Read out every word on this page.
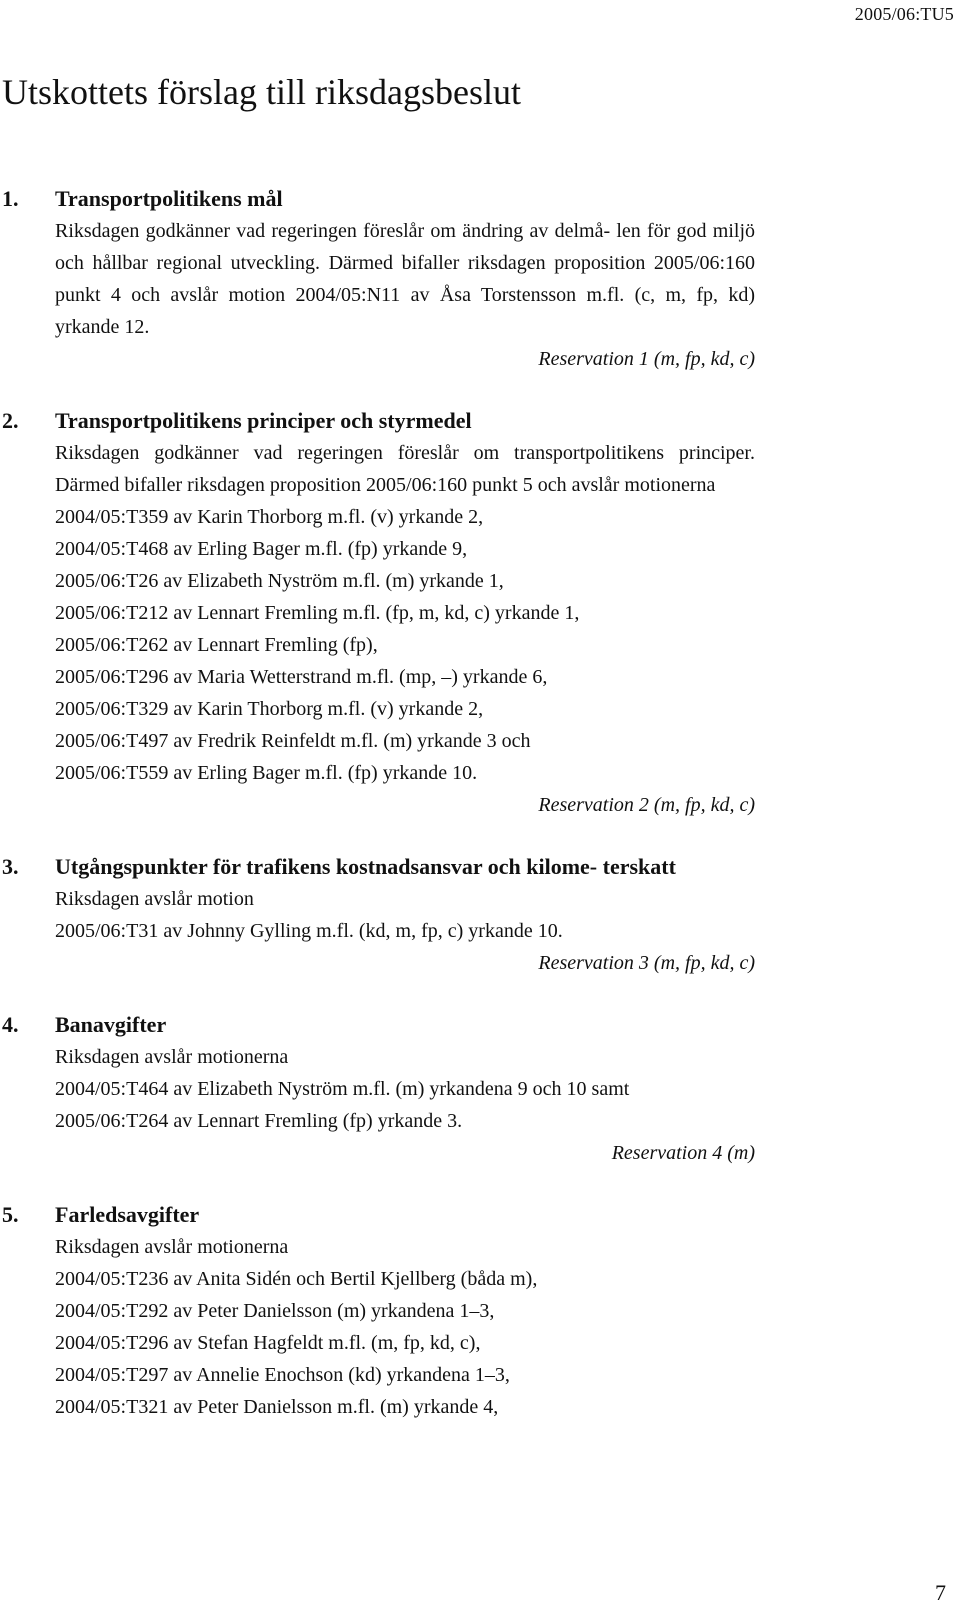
2005/06:TU5
Utskottets förslag till riksdagsbeslut
1.	Transportpolitikens mål
Riksdagen godkänner vad regeringen föreslår om ändring av delmå- len för god miljö och hållbar regional utveckling. Därmed bifaller riksdagen proposition 2005/06:160 punkt 4 och avslår motion 2004/05:N11 av Åsa Torstensson m.fl. (c, m, fp, kd) yrkande 12.
Reservation 1 (m, fp, kd, c)
2.	Transportpolitikens principer och styrmedel
Riksdagen godkänner vad regeringen föreslår om transportpolitikens principer. Därmed bifaller riksdagen proposition 2005/06:160 punkt 5 och avslår motionerna
2004/05:T359 av Karin Thorborg m.fl. (v) yrkande 2,
2004/05:T468 av Erling Bager m.fl. (fp) yrkande 9,
2005/06:T26 av Elizabeth Nyström m.fl. (m) yrkande 1,
2005/06:T212 av Lennart Fremling m.fl. (fp, m, kd, c) yrkande 1,
2005/06:T262 av Lennart Fremling (fp),
2005/06:T296 av Maria Wetterstrand m.fl. (mp, –) yrkande 6,
2005/06:T329 av Karin Thorborg m.fl. (v) yrkande 2,
2005/06:T497 av Fredrik Reinfeldt m.fl. (m) yrkande 3 och
2005/06:T559 av Erling Bager m.fl. (fp) yrkande 10.
Reservation 2 (m, fp, kd, c)
3.	Utgångspunkter för trafikens kostnadsansvar och kilome- terskatt
Riksdagen avslår motion
2005/06:T31 av Johnny Gylling m.fl. (kd, m, fp, c) yrkande 10.
Reservation 3 (m, fp, kd, c)
4.	Banavgifter
Riksdagen avslår motionerna
2004/05:T464 av Elizabeth Nyström m.fl. (m) yrkandena 9 och 10 samt
2005/06:T264 av Lennart Fremling (fp) yrkande 3.
Reservation 4 (m)
5.	Farledsavgifter
Riksdagen avslår motionerna
2004/05:T236 av Anita Sidén och Bertil Kjellberg (båda m),
2004/05:T292 av Peter Danielsson (m) yrkandena 1–3,
2004/05:T296 av Stefan Hagfeldt m.fl. (m, fp, kd, c),
2004/05:T297 av Annelie Enochson (kd) yrkandena 1–3,
2004/05:T321 av Peter Danielsson m.fl. (m) yrkande 4,
7
